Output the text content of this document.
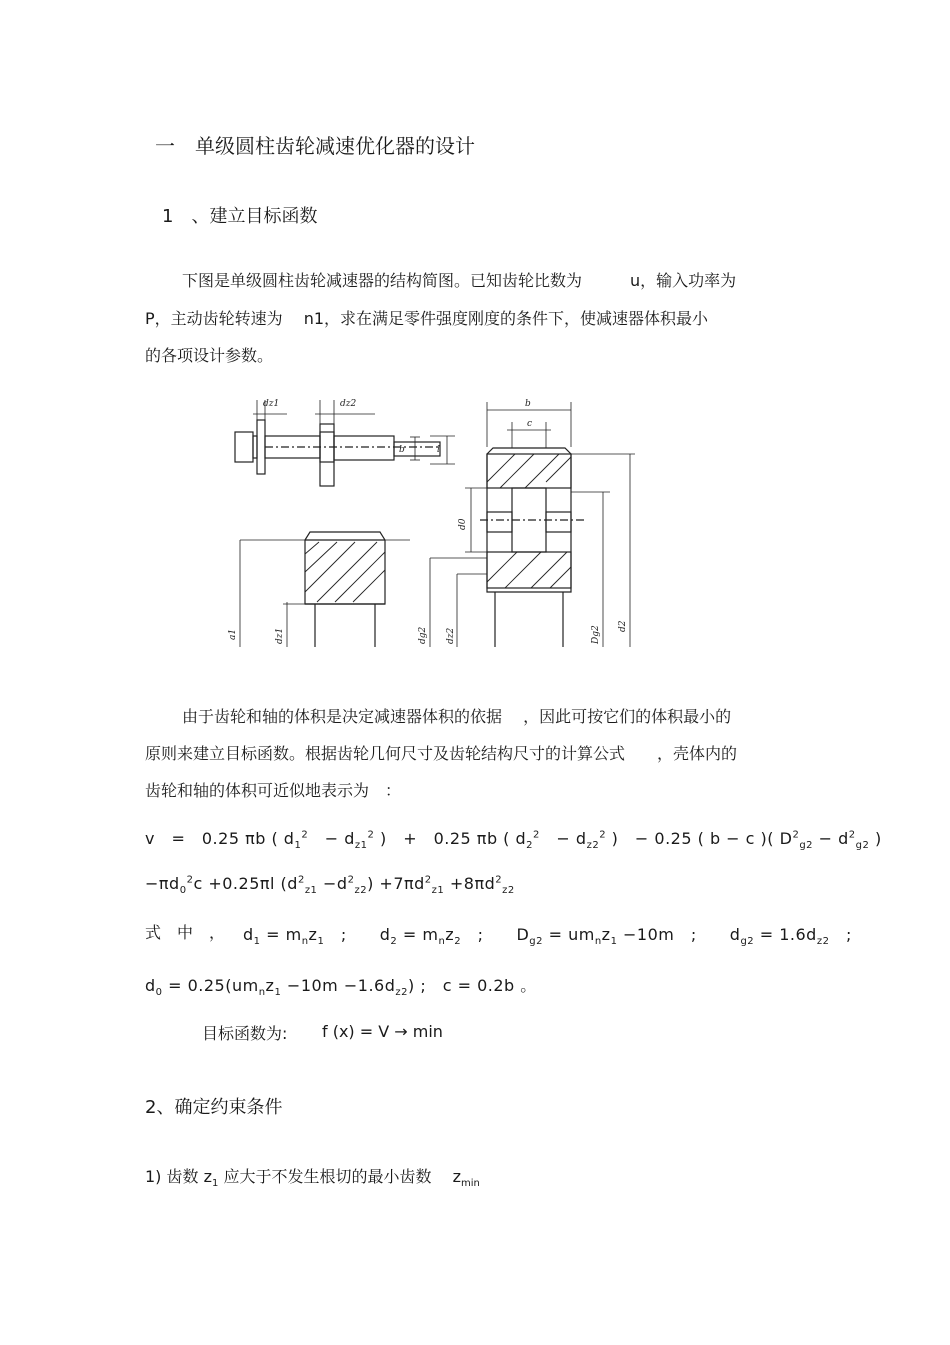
一　单级圆柱齿轮减速优化器的设计
1　、建立目标函数
下图是单级圆柱齿轮减速器的结构简图。已知齿轮比数为　　　u，输入功率为
P，主动齿轮转速为　 n1，求在满足零件强度刚度的条件下，使减速器体积最小
的各项设计参数。
dz1	dz2
b	l
b
c
a1	dz1	dg2 dz2
d0
Dg2 d2
由于齿轮和轴的体积是决定减速器体积的依据　 ，因此可按它们的体积最小的
原则来建立目标函数。根据齿轮几何尺寸及齿轮结构尺寸的计算公式　　，壳体内的
齿轮和轴的体积可近似地表示为　：
v　=　0.25 πb ( $d_1^2$　− $d_{z1}^2$ )　+　0.25 πb ( $d_2^2$　− $d_{z2}^2$ )　− 0.25 ( b − c )( $D^2_{g2} - d^2_{g2}$ )
$-\pi d_0^2c +0.25\pi l$ $(d^2_{z1} -d^2_{z2}) +7\pi d^2_{z1} +8\pi d^2_{z2}$
式　中　， $d_1 = m_nz_1$　;　　$d_2 = m_nz_2$　;　　$D_{g2} = um_nz_1 -10m$　;　　$d_{g2} = 1.6d_{z2}$　;
$d_0 = 0.25(um_nz_1 -10m -1.6d_{z2})$ ;　c = 0.2b 。
目标函数为: f (x) = V → min
2、确定约束条件
1) 齿数 $z_1$ 应大于不发生根切的最小齿数　 $z_{min}$
